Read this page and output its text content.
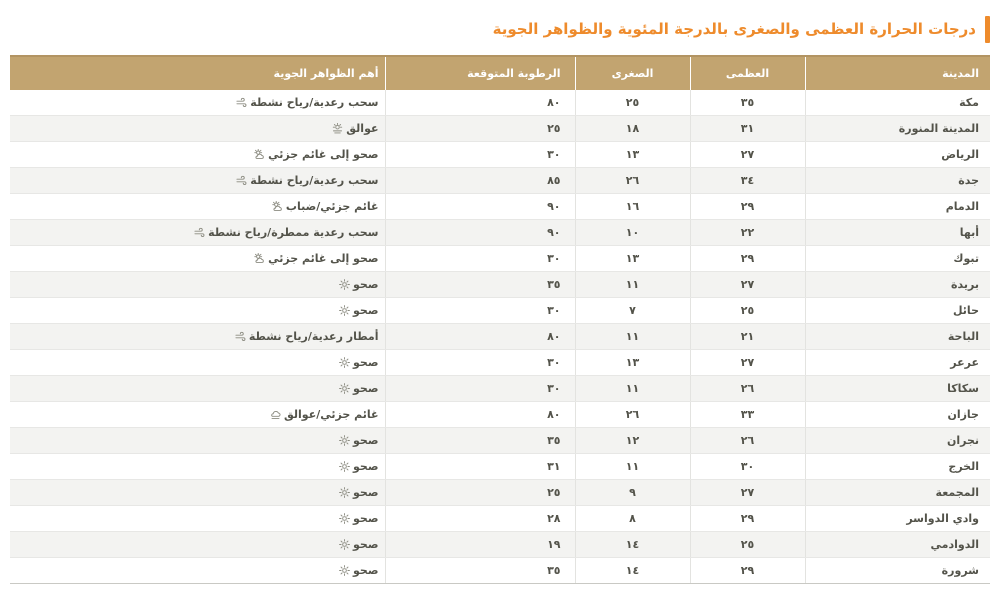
درجات الحرارة العظمى والصغرى بالدرجة المئوية والظواهر الجوية
المدينة	العظمى	الصغرى	الرطوبة المتوقعة	أهم الظواهر الجوية
مكة	٣٥	٢٥	٨٠	سحب رعدية/رياح نشطة

المدينة المنورة	٣١	١٨	٢٥	عوالق

الرياض	٢٧	١٣	٣٠	صحو إلى غائم جزئي

جدة	٣٤	٢٦	٨٥	سحب رعدية/رياح نشطة

الدمام	٢٩	١٦	٩٠	غائم جزئي/ضباب

أبها	٢٢	١٠	٩٠	سحب رعدية ممطرة/رياح نشطة

تبوك	٢٩	١٣	٣٠	صحو إلى غائم جزئي

بريدة	٢٧	١١	٣٥	صحو

حائل	٢٥	٧	٣٠	صحو

الباحة	٢١	١١	٨٠	أمطار رعدية/رياح نشطة

عرعر	٢٧	١٣	٣٠	صحو

سكاكا	٢٦	١١	٣٠	صحو

جازان	٣٣	٢٦	٨٠	غائم جزئي/عوالق

نجران	٢٦	١٢	٣٥	صحو

الخرج	٣٠	١١	٣١	صحو

المجمعة	٢٧	٩	٢٥	صحو

وادي الدواسر	٢٩	٨	٢٨	صحو

الدوادمي	٢٥	١٤	١٩	صحو

شرورة	٢٩	١٤	٣٥	صحو
